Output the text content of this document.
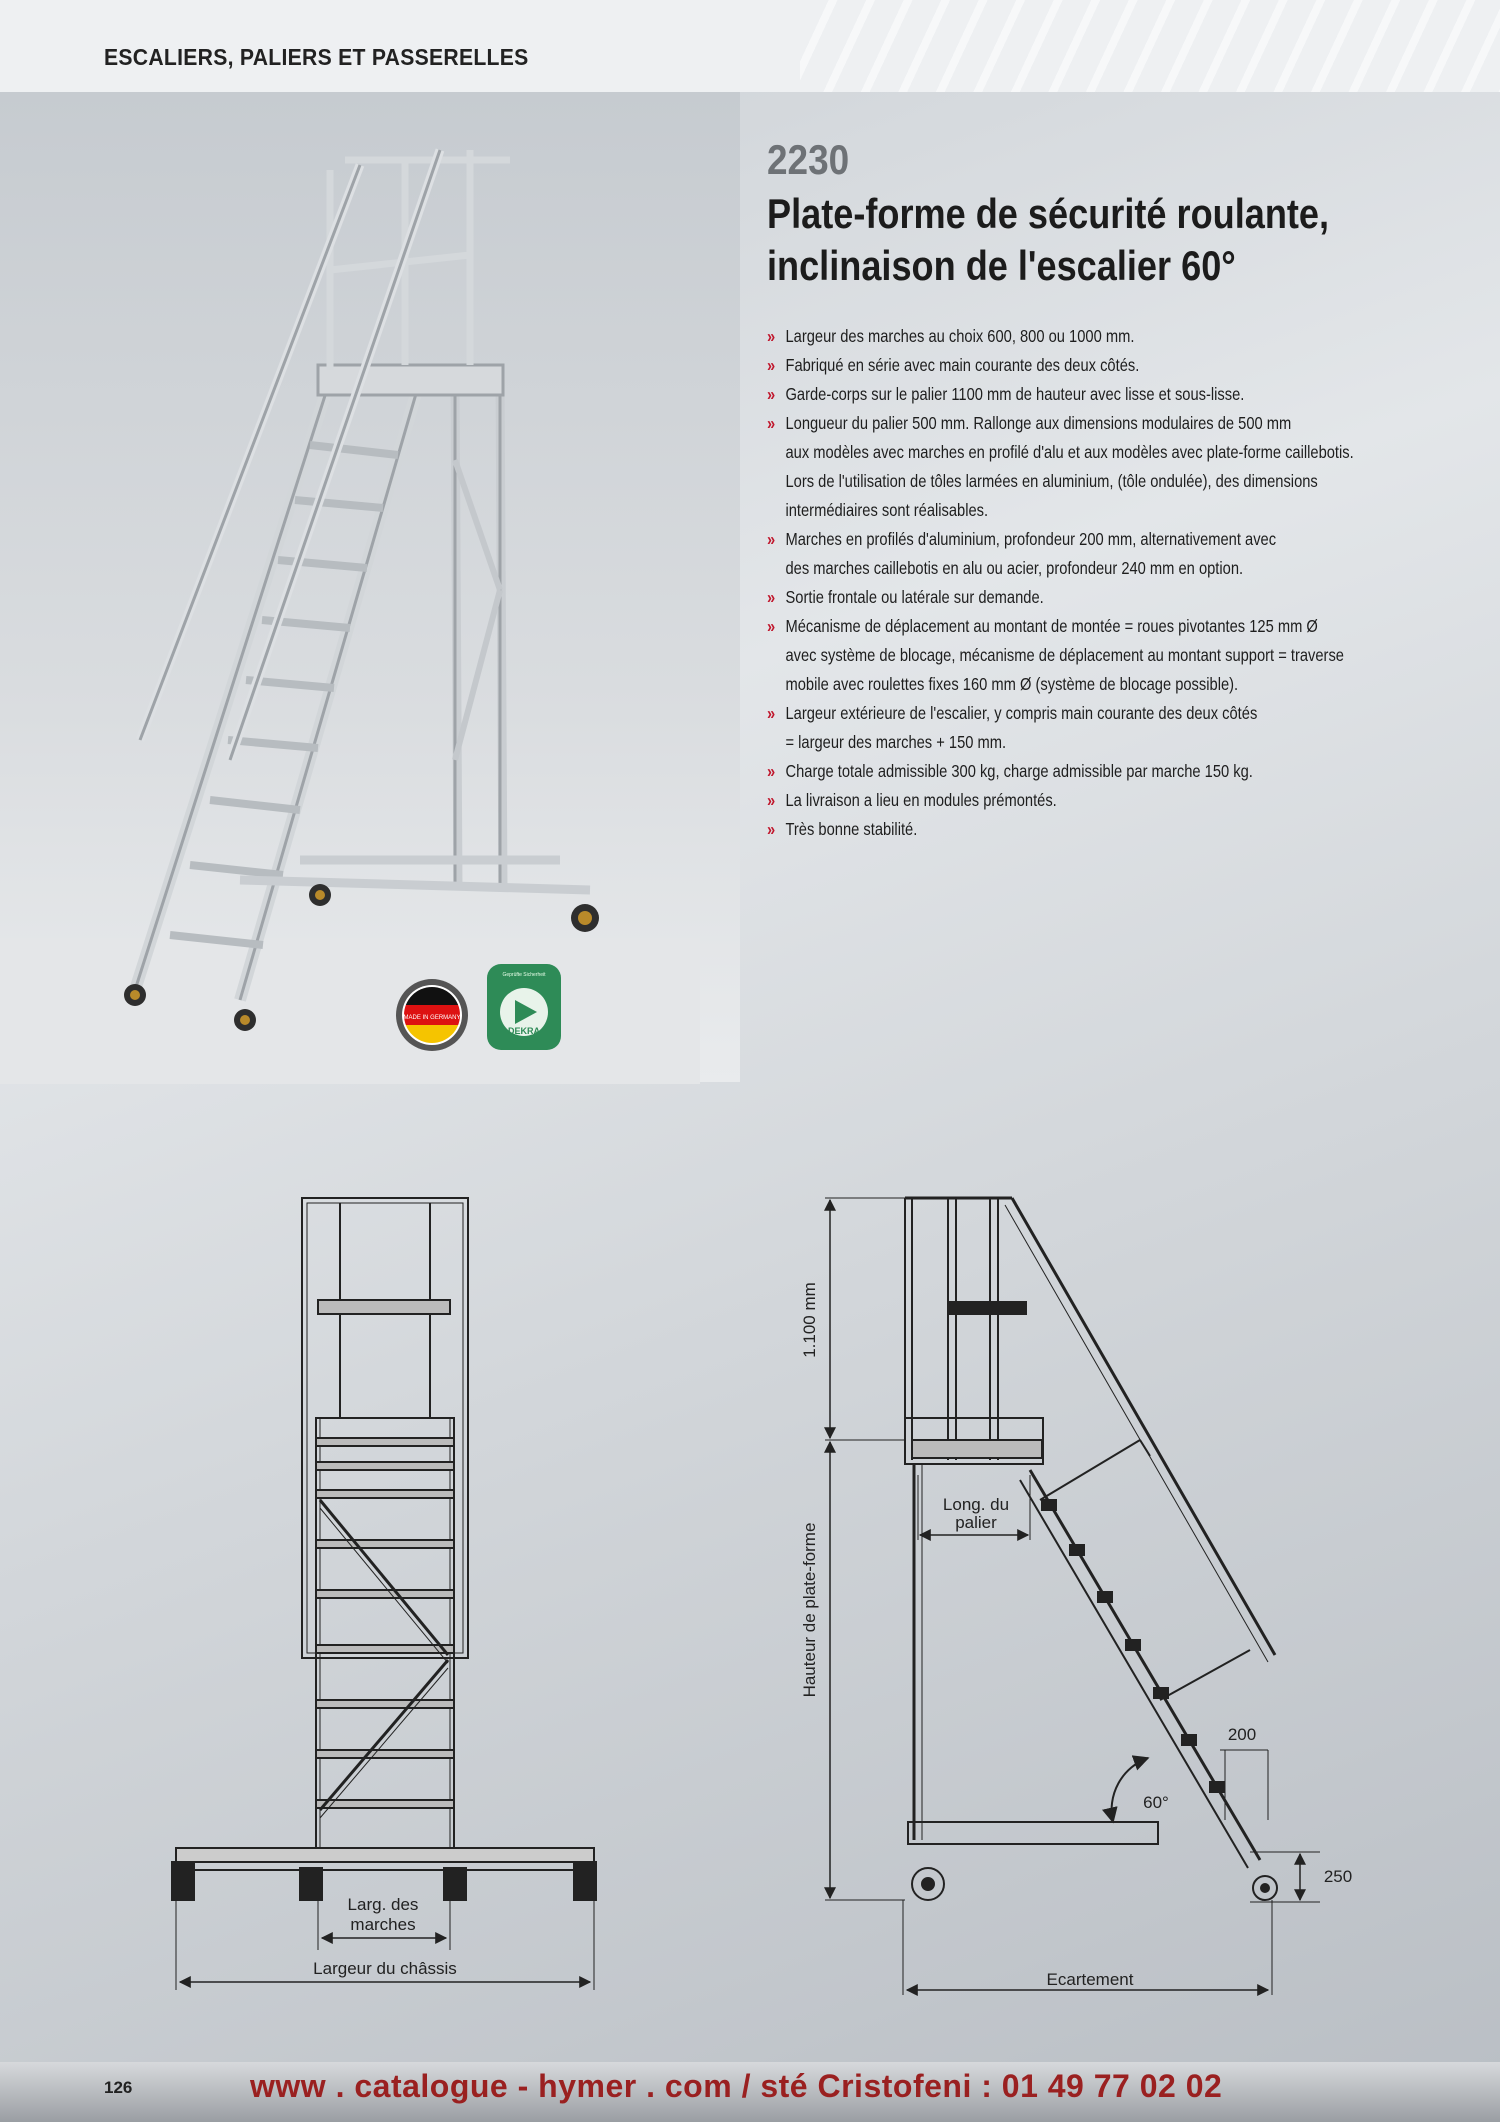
ESCALIERS, PALIERS ET PASSERELLES
MADE IN GERMANY
Geprüfte Sicherheit
DEKRA
2230
Plate-forme de sécurité roulante,
inclinaison de l'escalier 60°
» Largeur des marches au choix 600, 800 ou 1000 mm.
» Fabriqué en série avec main courante des deux côtés.
» Garde-corps sur le palier 1100 mm de hauteur avec lisse et sous-lisse.
» Longueur du palier 500 mm. Rallonge aux dimensions modulaires de 500 mm
aux modèles avec marches en profilé d'alu et aux modèles avec plate-forme caillebotis.
Lors de l'utilisation de tôles larmées en aluminium, (tôle ondulée), des dimensions
intermédiaires sont réalisables.
» Marches en profilés d'aluminium, profondeur 200 mm, alternativement avec
des marches caillebotis en alu ou acier, profondeur 240 mm en option.
» Sortie frontale ou latérale sur demande.
» Mécanisme de déplacement au montant de montée = roues pivotantes 125 mm Ø
avec système de blocage, mécanisme de déplacement au montant support = traverse
mobile avec roulettes fixes 160 mm Ø (système de blocage possible).
» Largeur extérieure de l'escalier, y compris main courante des deux côtés
= largeur des marches + 150 mm.
» Charge totale admissible 300 kg, charge admissible par marche 150 kg.
» La livraison a lieu en modules prémontés.
» Très bonne stabilité.
Larg. des
marches
Largeur du châssis
1.100 mm
Hauteur de plate-forme
Long. du
palier
200
60°
250
Ecartement
126	www . catalogue - hymer . com / sté Cristofeni : 01 49 77 02 02
